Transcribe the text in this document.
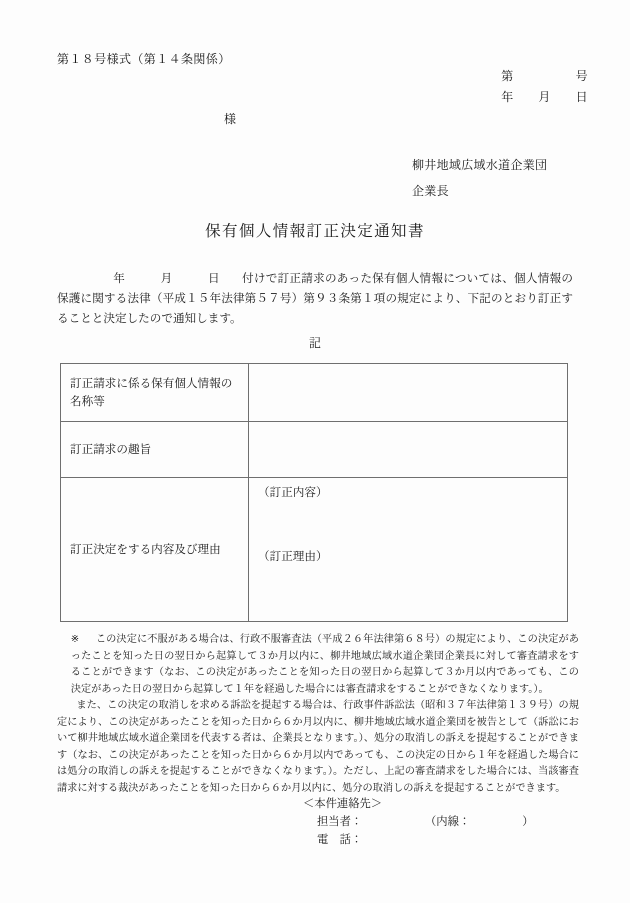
第１８号様式（第１４条関係）
第　　　　　号
年　　月　　日
様
柳井地域広域水道企業団
企業長
保有個人情報訂正決定通知書
年　　　月　　　日 付けで訂正請求のあった保有個人情報については、個人情報の保護に関する法律（平成１５年法律第５７号）第９３条第１項の規定により、下記のとおり訂正することと決定したので通知します。
記
訂正請求に係る保有個人情報の名称等	
訂正請求の趣旨	
訂正決定をする内容及び理由	（訂正内容）
（訂正理由）

※ この決定に不服がある場合は、行政不服審査法（平成２６年法律第６８号）の規定により、この決定があったことを知った日の翌日から起算して３か月以内に、柳井地域広域水道企業団企業長に対して審査請求をすることができます（なお、この決定があったことを知った日の翌日から起算して３か月以内であっても、この決定があった日の翌日から起算して１年を経過した場合には審査請求をすることができなくなります。）。

また、この決定の取消しを求める訴訟を提起する場合は、行政事件訴訟法（昭和３７年法律第１３９号）の規定により、この決定があったことを知った日から６か月以内に、柳井地域広域水道企業団を被告として（訴訟において柳井地域広域水道企業団を代表する者は、企業長となります。）、処分の取消しの訴えを提起することができます（なお、この決定があったことを知った日から６か月以内であっても、この決定の日から１年を経過した場合には処分の取消しの訴えを提起することができなくなります。）。ただし、上記の審査請求をした場合には、当該審査請求に対する裁決があったことを知った日から６か月以内に、処分の取消しの訴えを提起することができます。

＜本件連絡先＞
担当者：	（内線：	）
電　話：
